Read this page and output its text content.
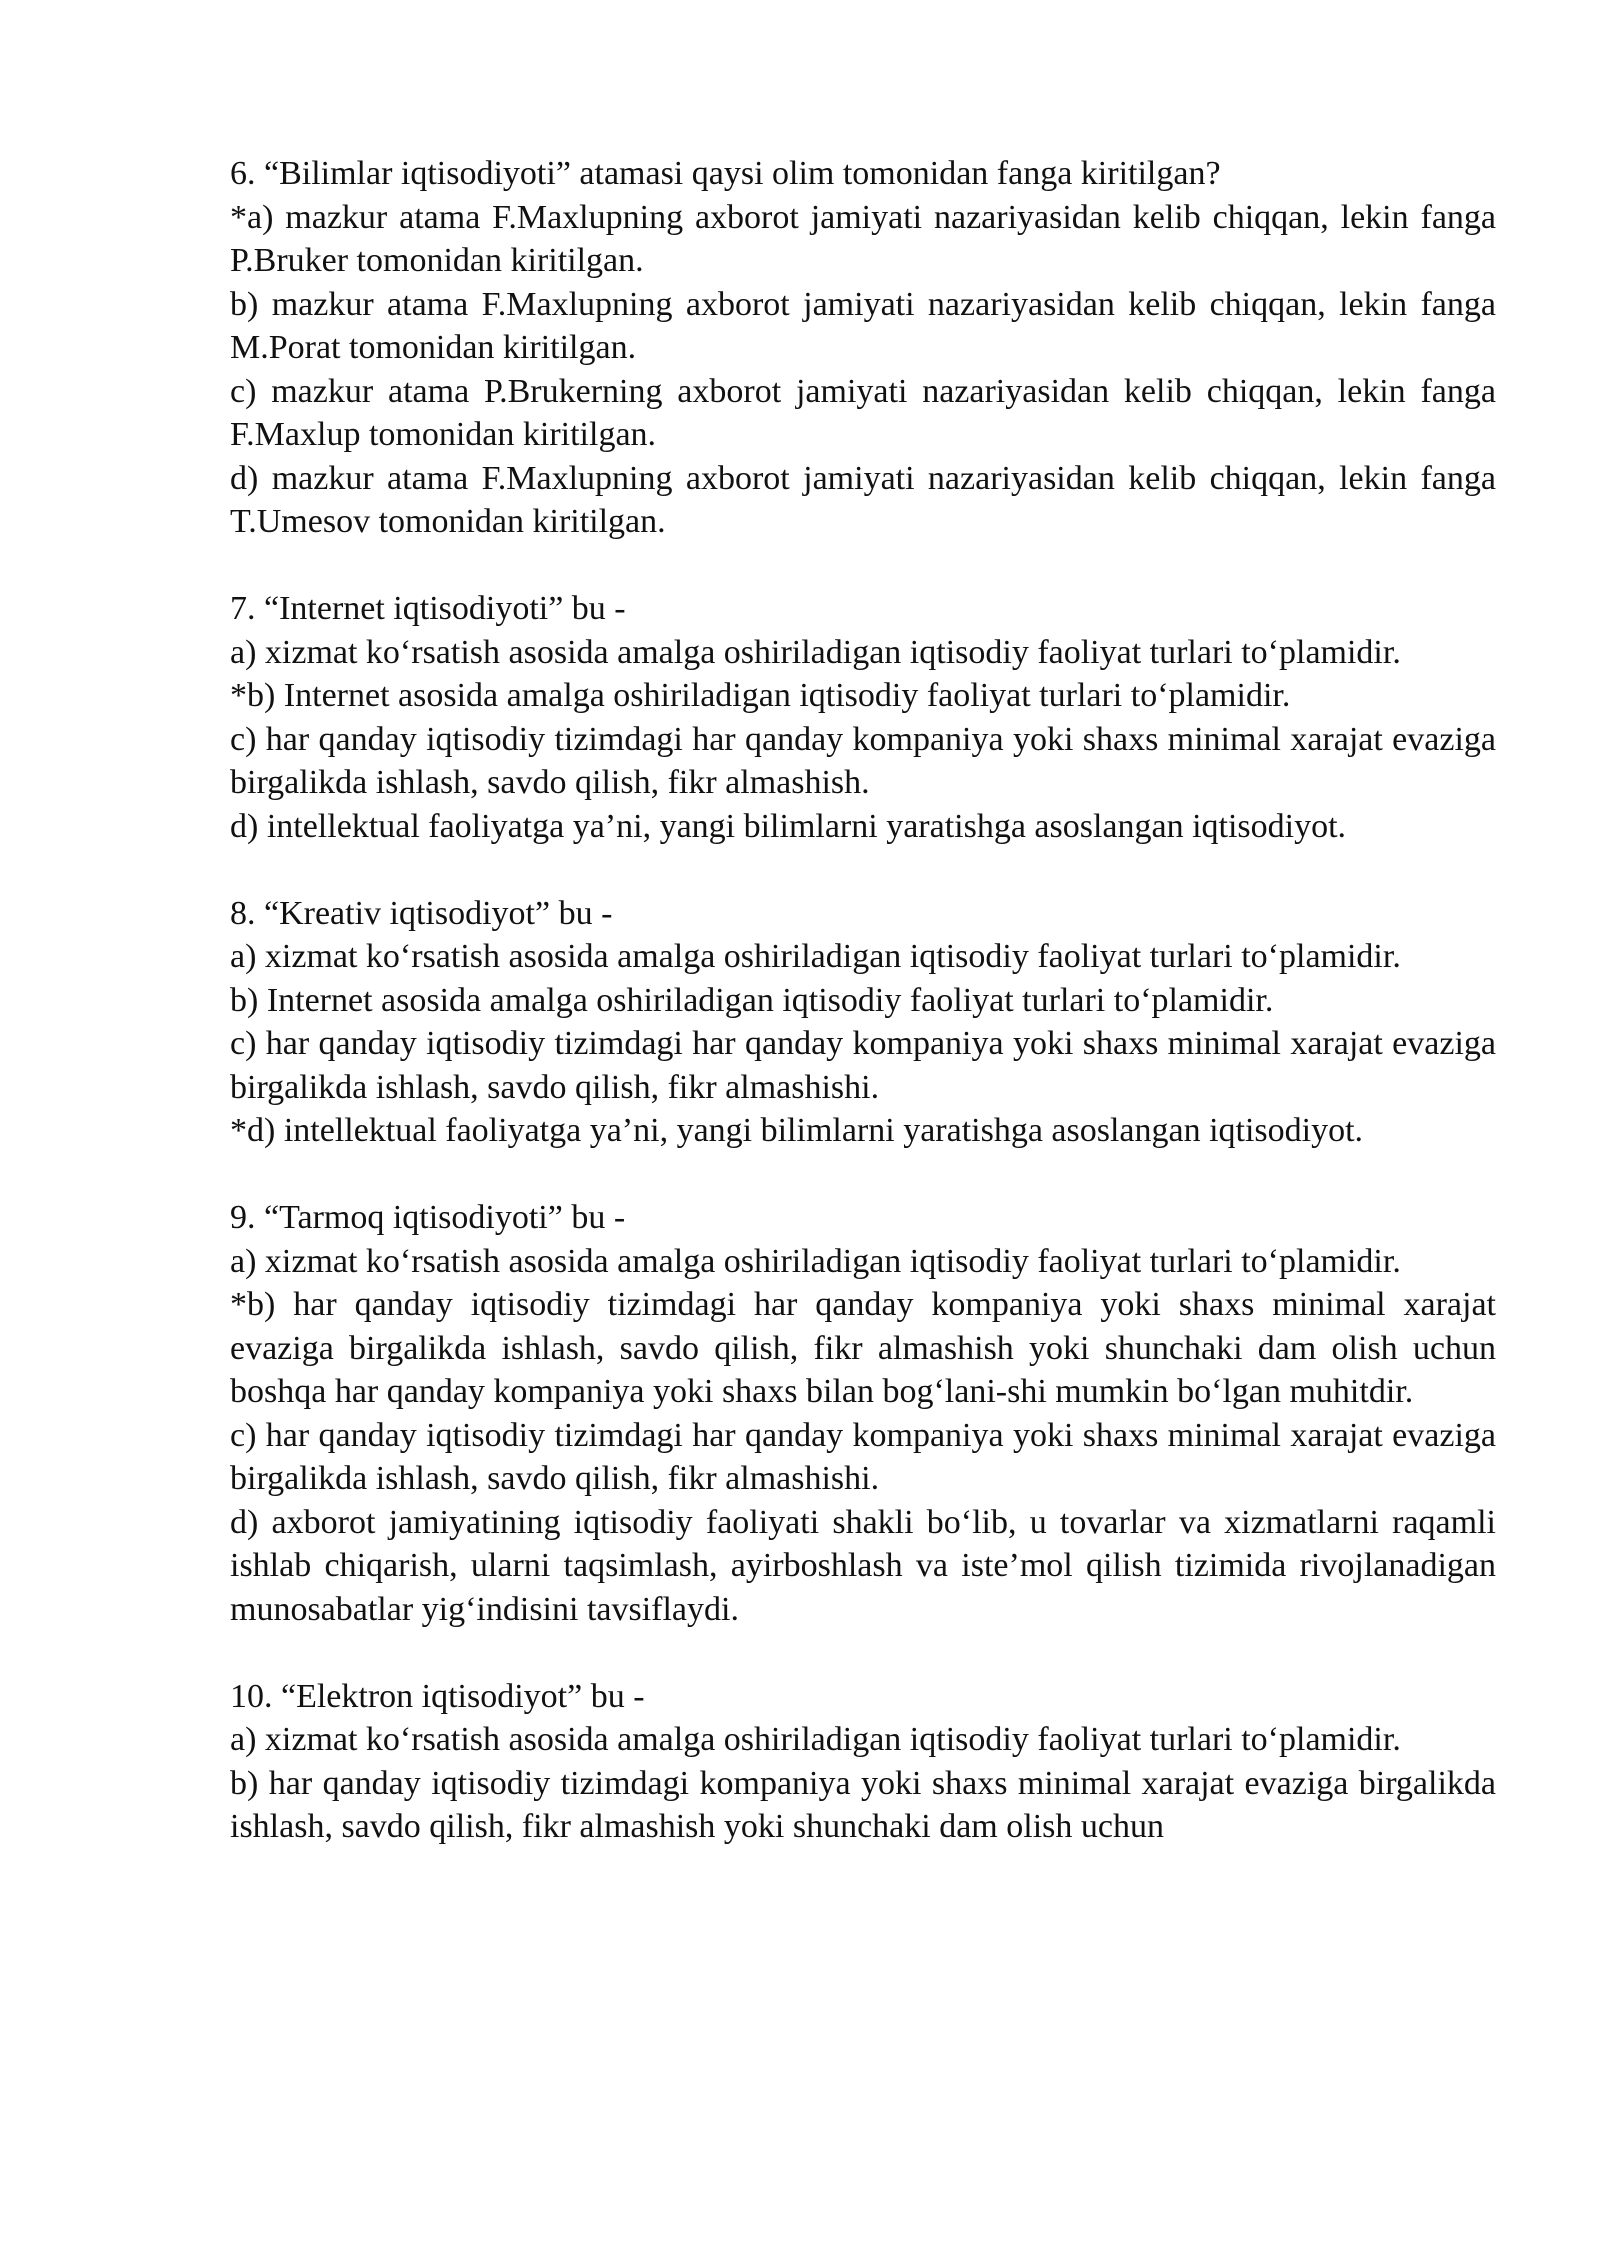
6. “Bilimlar iqtisodiyoti” atamasi qaysi olim tomonidan fanga kiritilgan?

*a) mazkur atama F.Maxlupning axborot jamiyati nazariyasidan kelib chiqqan, lekin fanga P.Bruker tomonidan kiritilgan.

b) mazkur atama F.Maxlupning axborot jamiyati nazariyasidan kelib chiqqan, lekin fanga M.Porat tomonidan kiritilgan.

c) mazkur atama P.Brukerning axborot jamiyati nazariyasidan kelib chiqqan, lekin fanga F.Maxlup tomonidan kiritilgan.

d) mazkur atama F.Maxlupning axborot jamiyati nazariyasidan kelib chiqqan, lekin fanga T.Umesov tomonidan kiritilgan.

7. “Internet iqtisodiyoti” bu -

a) xizmat ko‘rsatish asosida amalga oshiriladigan iqtisodiy faoliyat turlari to‘plamidir.

*b) Internet asosida amalga oshiriladigan iqtisodiy faoliyat turlari to‘plamidir.

c) har qanday iqtisodiy tizimdagi har qanday kompaniya yoki shaxs minimal xarajat evaziga birgalikda ishlash, savdo qilish, fikr almashish.

d) intellektual faoliyatga ya’ni, yangi bilimlarni yaratishga asoslangan iqtisodiyot.

8. “Kreativ iqtisodiyot” bu -

a) xizmat ko‘rsatish asosida amalga oshiriladigan iqtisodiy faoliyat turlari to‘plamidir.

b) Internet asosida amalga oshiriladigan iqtisodiy faoliyat turlari to‘plamidir.

c) har qanday iqtisodiy tizimdagi har qanday kompaniya yoki shaxs minimal xarajat evaziga birgalikda ishlash, savdo qilish, fikr almashishi.

*d) intellektual faoliyatga ya’ni, yangi bilimlarni yaratishga asoslangan iqtisodiyot.

9. “Tarmoq iqtisodiyoti” bu -

a) xizmat ko‘rsatish asosida amalga oshiriladigan iqtisodiy faoliyat turlari to‘plamidir.

*b) har qanday iqtisodiy tizimdagi har qanday kompaniya yoki shaxs minimal xarajat evaziga birgalikda ishlash, savdo qilish, fikr almashish yoki shunchaki dam olish uchun boshqa har qanday kompaniya yoki shaxs bilan bog‘lani-shi mumkin bo‘lgan muhitdir.

c) har qanday iqtisodiy tizimdagi har qanday kompaniya yoki shaxs minimal xarajat evaziga birgalikda ishlash, savdo qilish, fikr almashishi.

d) axborot jamiyatining iqtisodiy faoliyati shakli bo‘lib, u tovarlar va xizmatlarni raqamli ishlab chiqarish, ularni taqsimlash, ayirboshlash va iste’mol qilish tizimida rivojlanadigan munosabatlar yig‘indisini tavsiflaydi.

10. “Elektron iqtisodiyot” bu -

a) xizmat ko‘rsatish asosida amalga oshiriladigan iqtisodiy faoliyat turlari to‘plamidir.

b) har qanday iqtisodiy tizimdagi kompaniya yoki shaxs minimal xarajat evaziga birgalikda ishlash, savdo qilish, fikr almashish yoki shunchaki dam olish uchun
